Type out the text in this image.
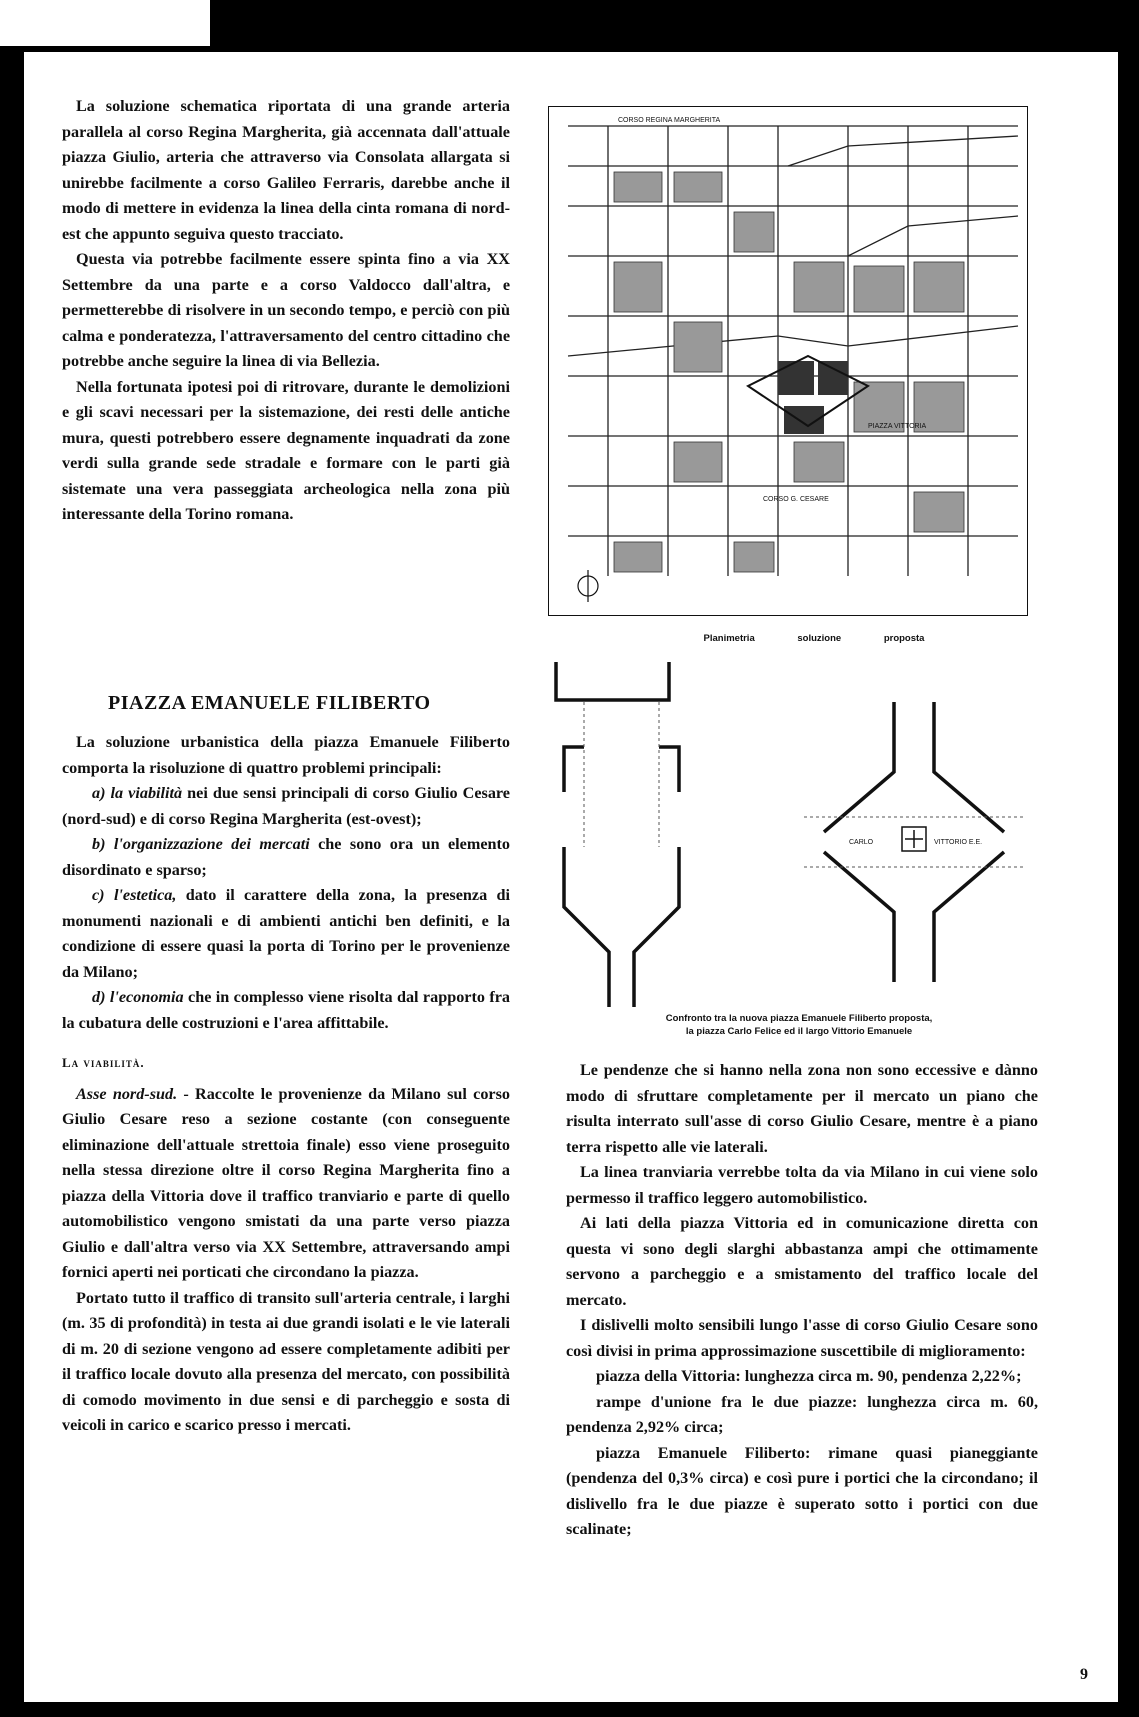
La soluzione schematica riportata di una grande arteria parallela al corso Regina Margherita, già accennata dall'attuale piazza Giulio, arteria che attraverso via Consolata allargata si unirebbe facilmente a corso Galileo Ferraris, darebbe anche il modo di mettere in evidenza la linea della cinta romana di nord-est che appunto seguiva questo tracciato.

Questa via potrebbe facilmente essere spinta fino a via XX Settembre da una parte e a corso Valdocco dall'altra, e permetterebbe di risolvere in un secondo tempo, e perciò con più calma e ponderatezza, l'attraversamento del centro cittadino che potrebbe anche seguire la linea di via Bellezia.

Nella fortunata ipotesi poi di ritrovare, durante le demolizioni e gli scavi necessari per la sistemazione, dei resti delle antiche mura, questi potrebbero essere degnamente inquadrati da zone verdi sulla grande sede stradale e formare con le parti già sistemate una vera passeggiata archeologica nella zona più interessante della Torino romana.

PIAZZA EMANUELE FILIBERTO

La soluzione urbanistica della piazza Emanuele Filiberto comporta la risoluzione di quattro problemi principali:

a) la viabilità nei due sensi principali di corso Giulio Cesare (nord-sud) e di corso Regina Margherita (est-ovest);

b) l'organizzazione dei mercati che sono ora un elemento disordinato e sparso;

c) l'estetica, dato il carattere della zona, la presenza di monumenti nazionali e di ambienti antichi ben definiti, e la condizione di essere quasi la porta di Torino per le provenienze da Milano;

d) l'economia che in complesso viene risolta dal rapporto fra la cubatura delle costruzioni e l'area affittabile.

La viabilità.

Asse nord-sud. - Raccolte le provenienze da Milano sul corso Giulio Cesare reso a sezione costante (con conseguente eliminazione dell'attuale strettoia finale) esso viene proseguito nella stessa direzione oltre il corso Regina Margherita fino a piazza della Vittoria dove il traffico tranviario e parte di quello automobilistico vengono smistati da una parte verso piazza Giulio e dall'altra verso via XX Settembre, attraversando ampi fornici aperti nei porticati che circondano la piazza.

Portato tutto il traffico di transito sull'arteria centrale, i larghi (m. 35 di profondità) in testa ai due grandi isolati e le vie laterali di m. 20 di sezione vengono ad essere completamente adibiti per il traffico locale dovuto alla presenza del mercato, con possibilità di comodo movimento in due sensi e di parcheggio e sosta di veicoli in carico e scarico presso i mercati.

Le pendenze che si hanno nella zona non sono eccessive e dànno modo di sfruttare completamente per il mercato un piano che risulta interrato sull'asse di corso Giulio Cesare, mentre è a piano terra rispetto alle vie laterali.

La linea tranviaria verrebbe tolta da via Milano in cui viene solo permesso il traffico leggero automobilistico.

Ai lati della piazza Vittoria ed in comunicazione diretta con questa vi sono degli slarghi abbastanza ampi che ottimamente servono a parcheggio e a smistamento del traffico locale del mercato.

I dislivelli molto sensibili lungo l'asse di corso Giulio Cesare sono così divisi in prima approssimazione suscettibile di miglioramento:

piazza della Vittoria: lunghezza circa m. 90, pendenza 2,22%;

rampe d'unione fra le due piazze: lunghezza circa m. 60, pendenza 2,92% circa;

piazza Emanuele Filiberto: rimane quasi pianeggiante (pendenza del 0,3% circa) e così pure i portici che la circondano; il dislivello fra le due piazze è superato sotto i portici con due scalinate;

CORSO REGINA MARGHERITA
PIAZZA VITTORIA
CORSO G. CESARE
Planimetria soluzione proposta
CARLO	VITTORIO E.E.
Confronto tra la nuova piazza Emanuele Filiberto proposta,
la piazza Carlo Felice ed il largo Vittorio Emanuele
9
